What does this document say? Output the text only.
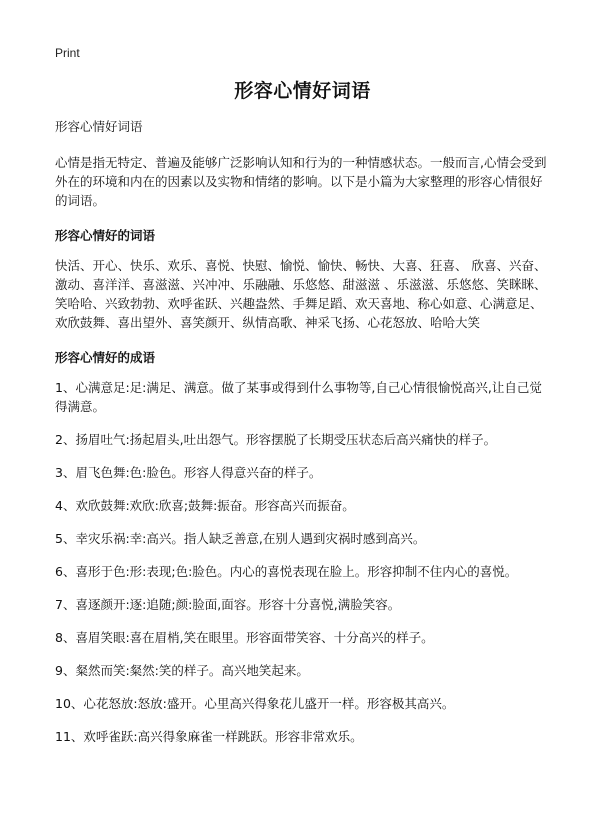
Print
形容心情好词语
形容心情好词语

心情是指无特定、普遍及能够广泛影响认知和行为的一种情感状态。一般而言,心情会受到外在的环境和内在的因素以及实物和情绪的影响。以下是小篇为大家整理的形容心情很好的词语。

形容心情好的词语

快活、开心、快乐、欢乐、喜悦、快慰、愉悦、愉快、畅快、大喜、狂喜、 欣喜、兴奋、激动、喜洋洋、喜滋滋、兴冲冲、乐融融、乐悠悠、甜滋滋 、乐滋滋、乐悠悠、笑眯眯、笑哈哈、兴致勃勃、欢呼雀跃、兴趣盎然、手舞足蹈、欢天喜地、称心如意、心满意足、欢欣鼓舞、喜出望外、喜笑颜开、纵情高歌、神采飞扬、心花怒放、哈哈大笑

形容心情好的成语
1、心满意足:足:满足、满意。做了某事或得到什么事物等,自己心情很愉悦高兴,让自己觉得满意。
2、扬眉吐气:扬起眉头,吐出怨气。形容摆脱了长期受压状态后高兴痛快的样子。
3、眉飞色舞:色:脸色。形容人得意兴奋的样子。
4、欢欣鼓舞:欢欣:欣喜;鼓舞:振奋。形容高兴而振奋。
5、幸灾乐祸:幸:高兴。指人缺乏善意,在别人遇到灾祸时感到高兴。
6、喜形于色:形:表现;色:脸色。内心的喜悦表现在脸上。形容抑制不住内心的喜悦。
7、喜逐颜开:逐:追随;颜:脸面,面容。形容十分喜悦,满脸笑容。
8、喜眉笑眼:喜在眉梢,笑在眼里。形容面带笑容、十分高兴的样子。
9、粲然而笑:粲然:笑的样子。高兴地笑起来。
10、心花怒放:怒放:盛开。心里高兴得象花儿盛开一样。形容极其高兴。
11、欢呼雀跃:高兴得象麻雀一样跳跃。形容非常欢乐。
